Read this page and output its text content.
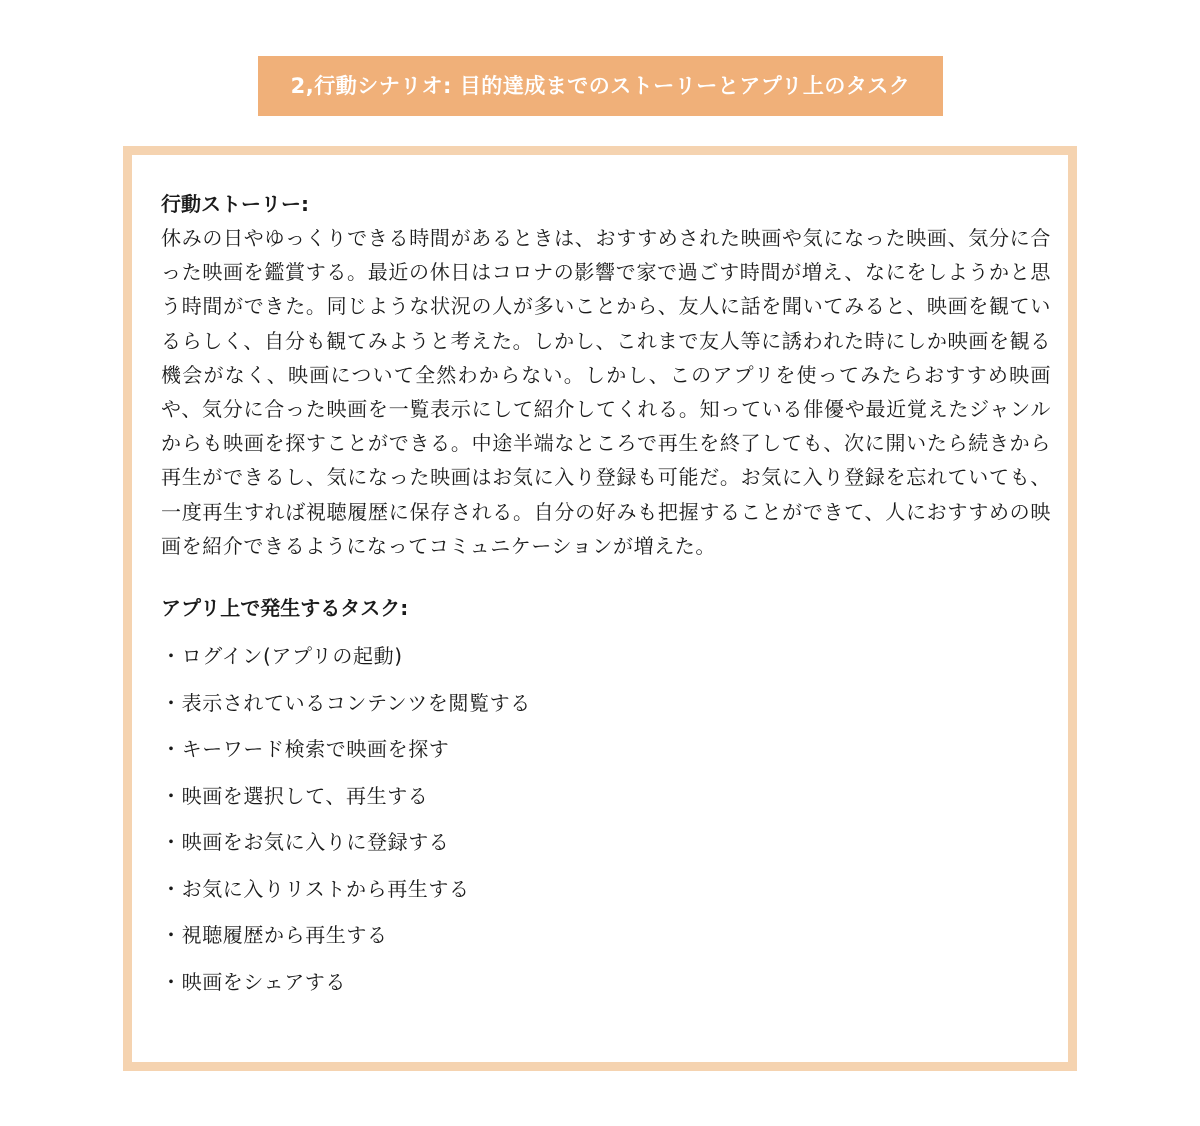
2,行動シナリオ: 目的達成までのストーリーとアプリ上のタスク

行動ストーリー:

休みの日やゆっくりできる時間があるときは、おすすめされた映画や気になった映画、気分に合った映画を鑑賞する。最近の休日はコロナの影響で家で過ごす時間が増え、なにをしようかと思う時間ができた。同じような状況の人が多いことから、友人に話を聞いてみると、映画を観ているらしく、自分も観てみようと考えた。しかし、これまで友人等に誘われた時にしか映画を観る機会がなく、映画について全然わからない。しかし、このアプリを使ってみたらおすすめ映画や、気分に合った映画を一覧表示にして紹介してくれる。知っている俳優や最近覚えたジャンルからも映画を探すことができる。中途半端なところで再生を終了しても、次に開いたら続きから再生ができるし、気になった映画はお気に入り登録も可能だ。お気に入り登録を忘れていても、一度再生すれば視聴履歴に保存される。自分の好みも把握することができて、人におすすめの映画を紹介できるようになってコミュニケーションが増えた。

アプリ上で発生するタスク:
・ログイン(アプリの起動)
・表示されているコンテンツを閲覧する
・キーワード検索で映画を探す
・映画を選択して、再生する
・映画をお気に入りに登録する
・お気に入りリストから再生する
・視聴履歴から再生する
・映画をシェアする
